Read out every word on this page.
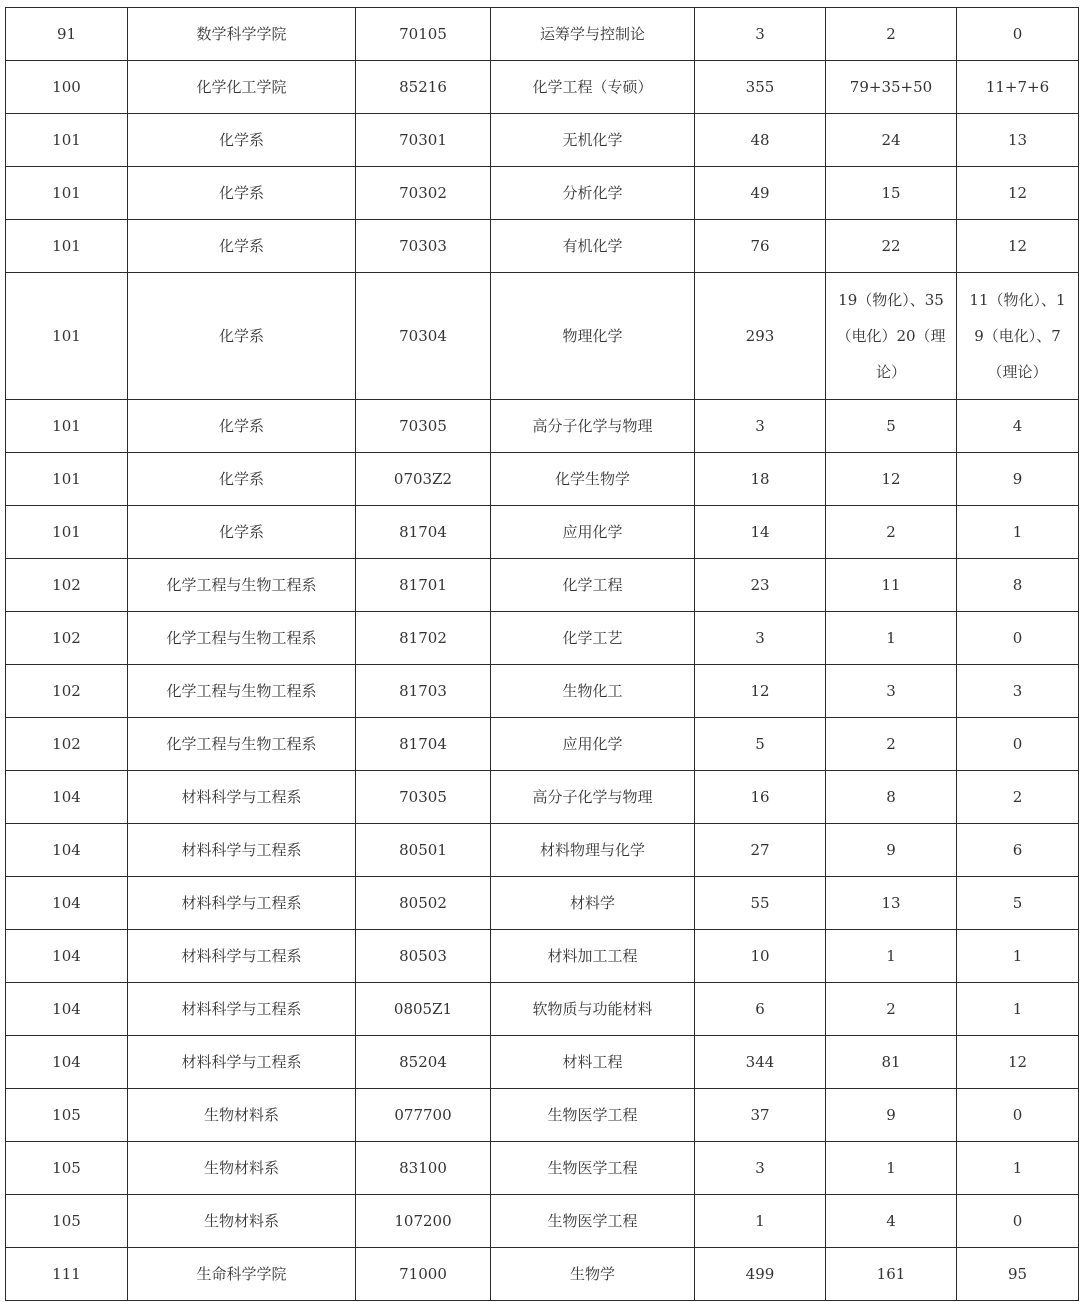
91	数学科学学院	70105	运筹学与控制论	3	2	0
100	化学化工学院	85216	化学工程（专硕）	355	79+35+50	11+7+6
101	化学系	70301	无机化学	48	24	13
101	化学系	70302	分析化学	49	15	12
101	化学系	70303	有机化学	76	22	12
101	化学系	70304	物理化学	293	19（物化）、35（电化）20（理论）	11（物化）、19（电化）、7（理论）
101	化学系	70305	高分子化学与物理	3	5	4
101	化学系	0703Z2	化学生物学	18	12	9
101	化学系	81704	应用化学	14	2	1
102	化学工程与生物工程系	81701	化学工程	23	11	8
102	化学工程与生物工程系	81702	化学工艺	3	1	0
102	化学工程与生物工程系	81703	生物化工	12	3	3
102	化学工程与生物工程系	81704	应用化学	5	2	0
104	材料科学与工程系	70305	高分子化学与物理	16	8	2
104	材料科学与工程系	80501	材料物理与化学	27	9	6
104	材料科学与工程系	80502	材料学	55	13	5
104	材料科学与工程系	80503	材料加工工程	10	1	1
104	材料科学与工程系	0805Z1	软物质与功能材料	6	2	1
104	材料科学与工程系	85204	材料工程	344	81	12
105	生物材料系	077700	生物医学工程	37	9	0
105	生物材料系	83100	生物医学工程	3	1	1
105	生物材料系	107200	生物医学工程	1	4	0
111	生命科学学院	71000	生物学	499	161	95
